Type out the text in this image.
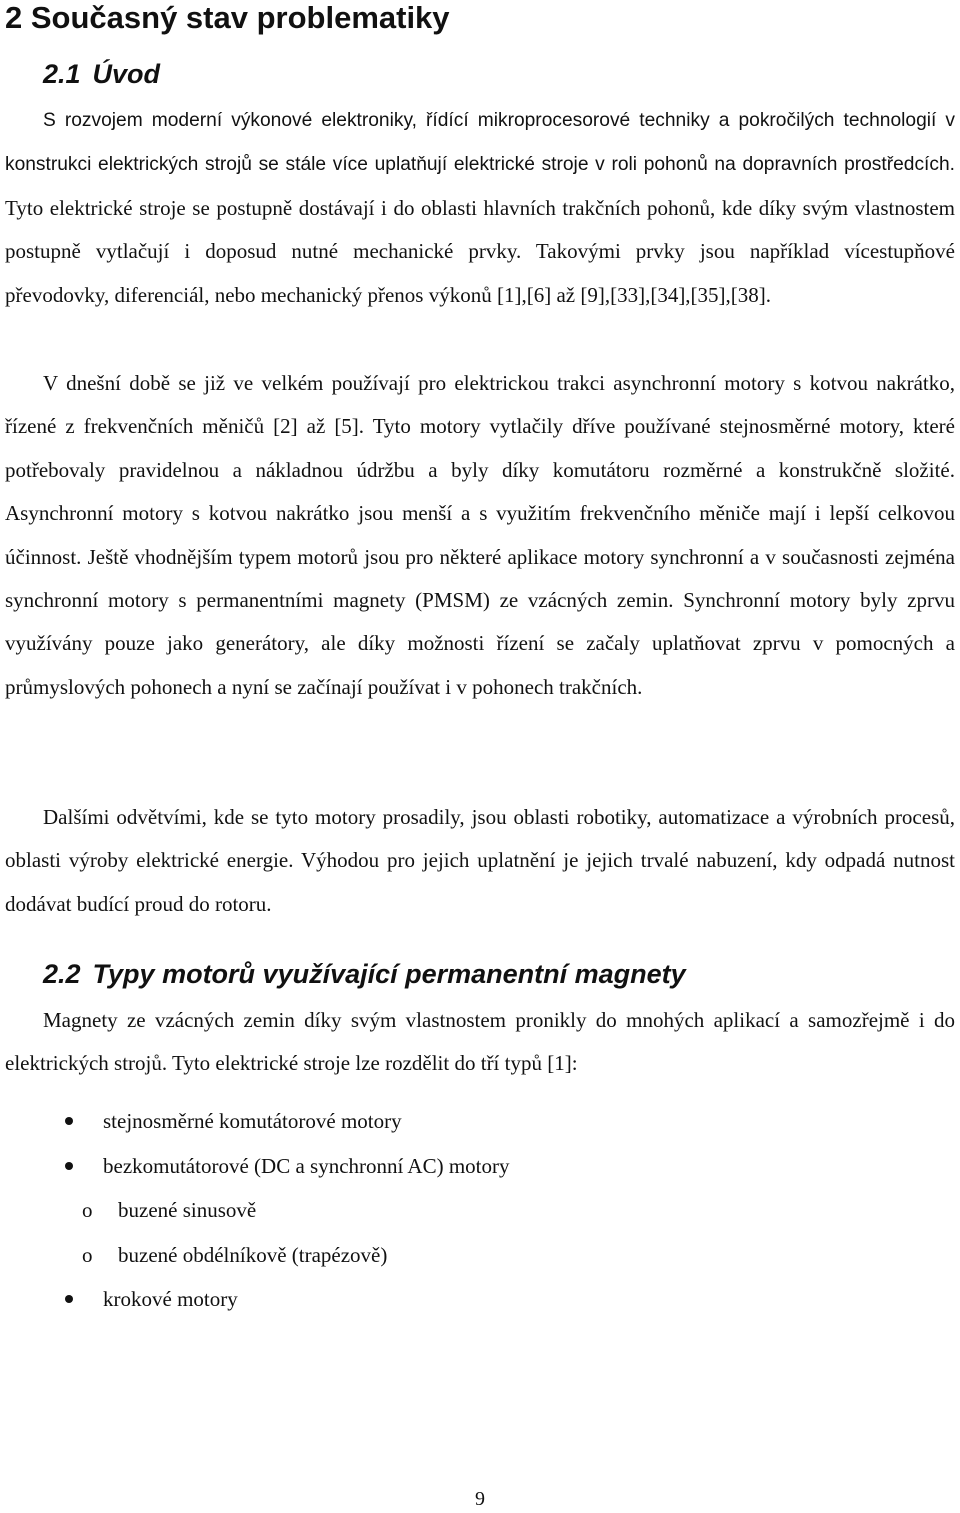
2 Současný stav problematiky
2.1 Úvod

S rozvojem moderní výkonové elektroniky, řídící mikroprocesorové techniky a pokročilých technologií v konstrukci elektrických strojů se stále více uplatňují elektrické stroje v roli pohonů na dopravních prostředcích. Tyto elektrické stroje se postupně dostávají i do oblasti hlavních trakčních pohonů, kde díky svým vlastnostem postupně vytlačují i doposud nutné mechanické prvky. Takovými prvky jsou například vícestupňové převodovky, diferenciál, nebo mechanický přenos výkonů [1],[6] až [9],[33],[34],[35],[38].

V dnešní době se již ve velkém používají pro elektrickou trakci asynchronní motory s kotvou nakrátko, řízené z frekvenčních měničů [2] až [5]. Tyto motory vytlačily dříve používané stejnosměrné motory, které potřebovaly pravidelnou a nákladnou údržbu a byly díky komutátoru rozměrné a konstrukčně složité. Asynchronní motory s kotvou nakrátko jsou menší a s využitím frekvenčního měniče mají i lepší celkovou účinnost. Ještě vhodnějším typem motorů jsou pro některé aplikace motory synchronní a v současnosti zejména synchronní motory s permanentními magnety (PMSM) ze vzácných zemin. Synchronní motory byly zprvu využívány pouze jako generátory, ale díky možnosti řízení se začaly uplatňovat zprvu v pomocných a průmyslových pohonech a nyní se začínají používat i v pohonech trakčních.

Dalšími odvětvími, kde se tyto motory prosadily, jsou oblasti robotiky, automatizace a výrobních procesů, oblasti výroby elektrické energie. Výhodou pro jejich uplatnění je jejich trvalé nabuzení, kdy odpadá nutnost dodávat budící proud do rotoru.

2.2 Typy motorů využívající permanentní magnety

Magnety ze vzácných zemin díky svým vlastnostem pronikly do mnohých aplikací a samozřejmě i do elektrických strojů. Tyto elektrické stroje lze rozdělit do tří typů [1]:

stejnosměrné komutátorové motory
bezkomutátorové (DC a synchronní AC) motory
o buzené sinusově
o buzené obdélníkově (trapézově)
krokové motory
9
